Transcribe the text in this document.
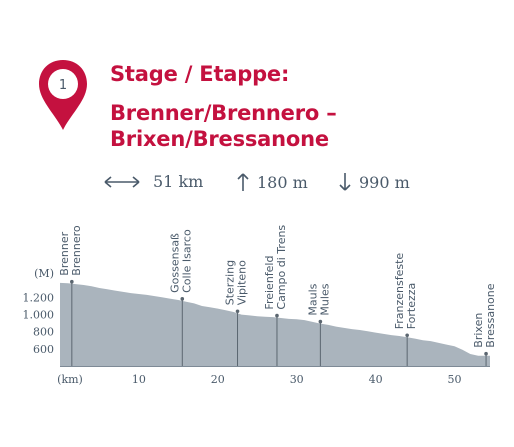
1 Stage / Etappe:
Brenner/Brennero –
Brixen/Bressanone
51 km	180 m	990 m
1.200
1.000
800
600
(M)
10	20	30	40	50
(km)
Brenner Brennero	Gossensaß Colle Isarco	Sterzing Vipiteno Freienfeld Campo di Trens Mauls Mules	Franzensfeste Fortezza
Brixen Bressanone
